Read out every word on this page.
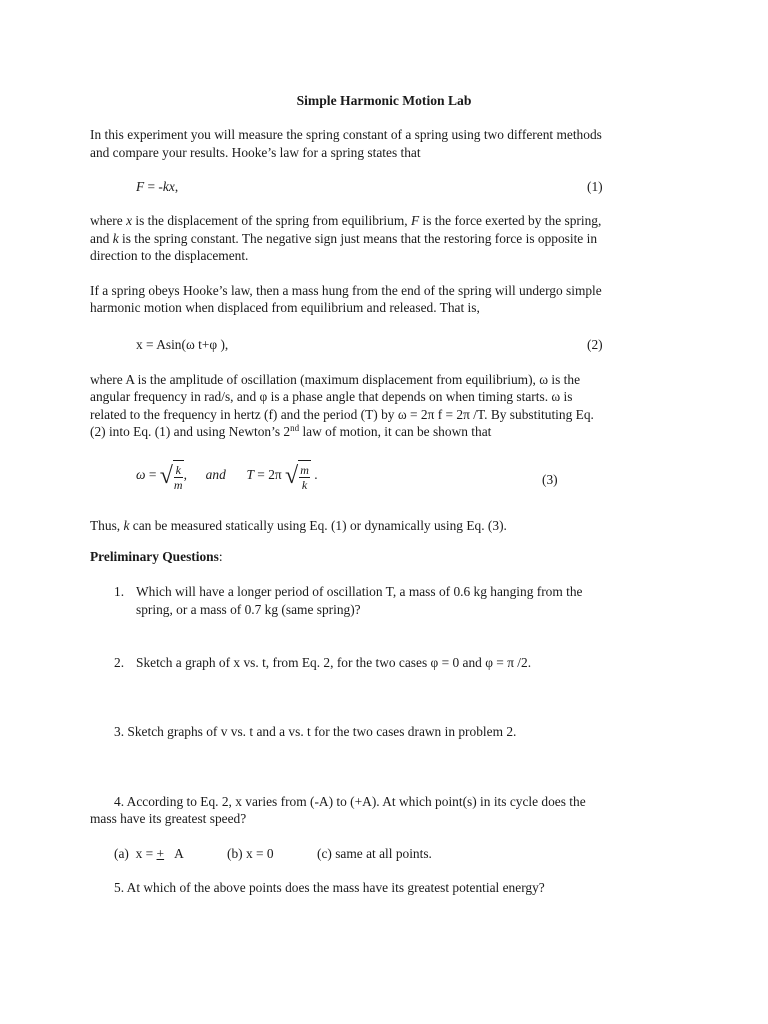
Simple Harmonic Motion Lab
In this experiment you will measure the spring constant of a spring using two different methods
and compare your results. Hooke’s law for a spring states that
F = -kx,	(1)
where x is the displacement of the spring from equilibrium, F is the force exerted by the spring,
and k is the spring constant. The negative sign just means that the restoring force is opposite in
direction to the displacement.
If a spring obeys Hooke’s law, then a mass hung from the end of the spring will undergo simple
harmonic motion when displaced from equilibrium and released. That is,
x = Asin(ω t+φ ),	(2)
where A is the amplitude of oscillation (maximum displacement from equilibrium), ω is the
angular frequency in rad/s, and φ is a phase angle that depends on when timing starts. ω is
related to the frequency in hertz (f) and the period (T) by ω = 2π f = 2π /T. By substituting Eq.
(2) into Eq. (1) and using Newton’s 2nd law of motion, it can be shown that
ω = √ $\frac{k}{m}$ , and T = 2π √ $\frac{m}{k}$ .	(3)
Thus, k can be measured statically using Eq. (1) or dynamically using Eq. (3).
Preliminary Questions:
1. Which will have a longer period of oscillation T, a mass of 0.6 kg hanging from the
spring, or a mass of 0.7 kg (same spring)?
2. Sketch a graph of x vs. t, from Eq. 2, for the two cases φ = 0 and φ = π /2.
3. Sketch graphs of v vs. t and a vs. t for the two cases drawn in problem 2.
4. According to Eq. 2, x varies from (-A) to (+A). At which point(s) in its cycle does the
mass have its greatest speed?
(a) x = + A	(b) x = 0	(c) same at all points.
5. At which of the above points does the mass have its greatest potential energy?
